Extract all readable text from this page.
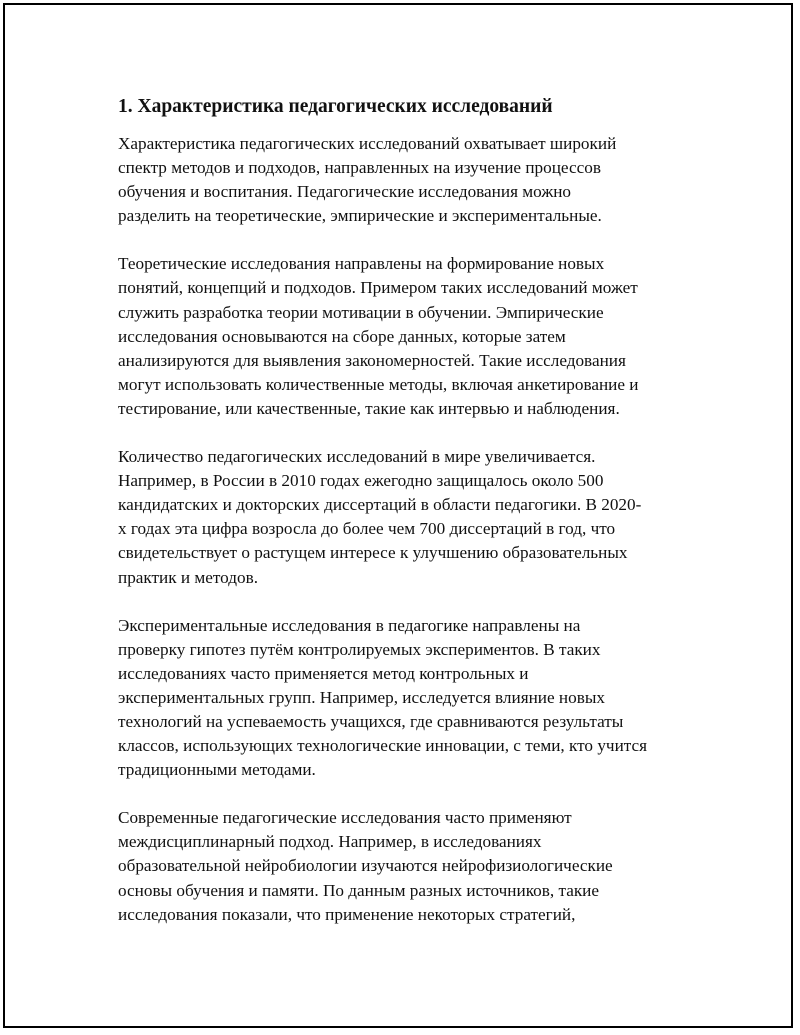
1. Характеристика педагогических исследований
Характеристика педагогических исследований охватывает широкий
спектр методов и подходов, направленных на изучение процессов
обучения и воспитания. Педагогические исследования можно
разделить на теоретические, эмпирические и экспериментальные.
Теоретические исследования направлены на формирование новых
понятий, концепций и подходов. Примером таких исследований может
служить разработка теории мотивации в обучении. Эмпирические
исследования основываются на сборе данных, которые затем
анализируются для выявления закономерностей. Такие исследования
могут использовать количественные методы, включая анкетирование и
тестирование, или качественные, такие как интервью и наблюдения.
Количество педагогических исследований в мире увеличивается.
Например, в России в 2010 годах ежегодно защищалось около 500
кандидатских и докторских диссертаций в области педагогики. В 2020-
х годах эта цифра возросла до более чем 700 диссертаций в год, что
свидетельствует о растущем интересе к улучшению образовательных
практик и методов.
Экспериментальные исследования в педагогике направлены на
проверку гипотез путём контролируемых экспериментов. В таких
исследованиях часто применяется метод контрольных и
экспериментальных групп. Например, исследуется влияние новых
технологий на успеваемость учащихся, где сравниваются результаты
классов, использующих технологические инновации, с теми, кто учится
традиционными методами.
Современные педагогические исследования часто применяют
междисциплинарный подход. Например, в исследованиях
образовательной нейробиологии изучаются нейрофизиологические
основы обучения и памяти. По данным разных источников, такие
исследования показали, что применение некоторых стратегий,
